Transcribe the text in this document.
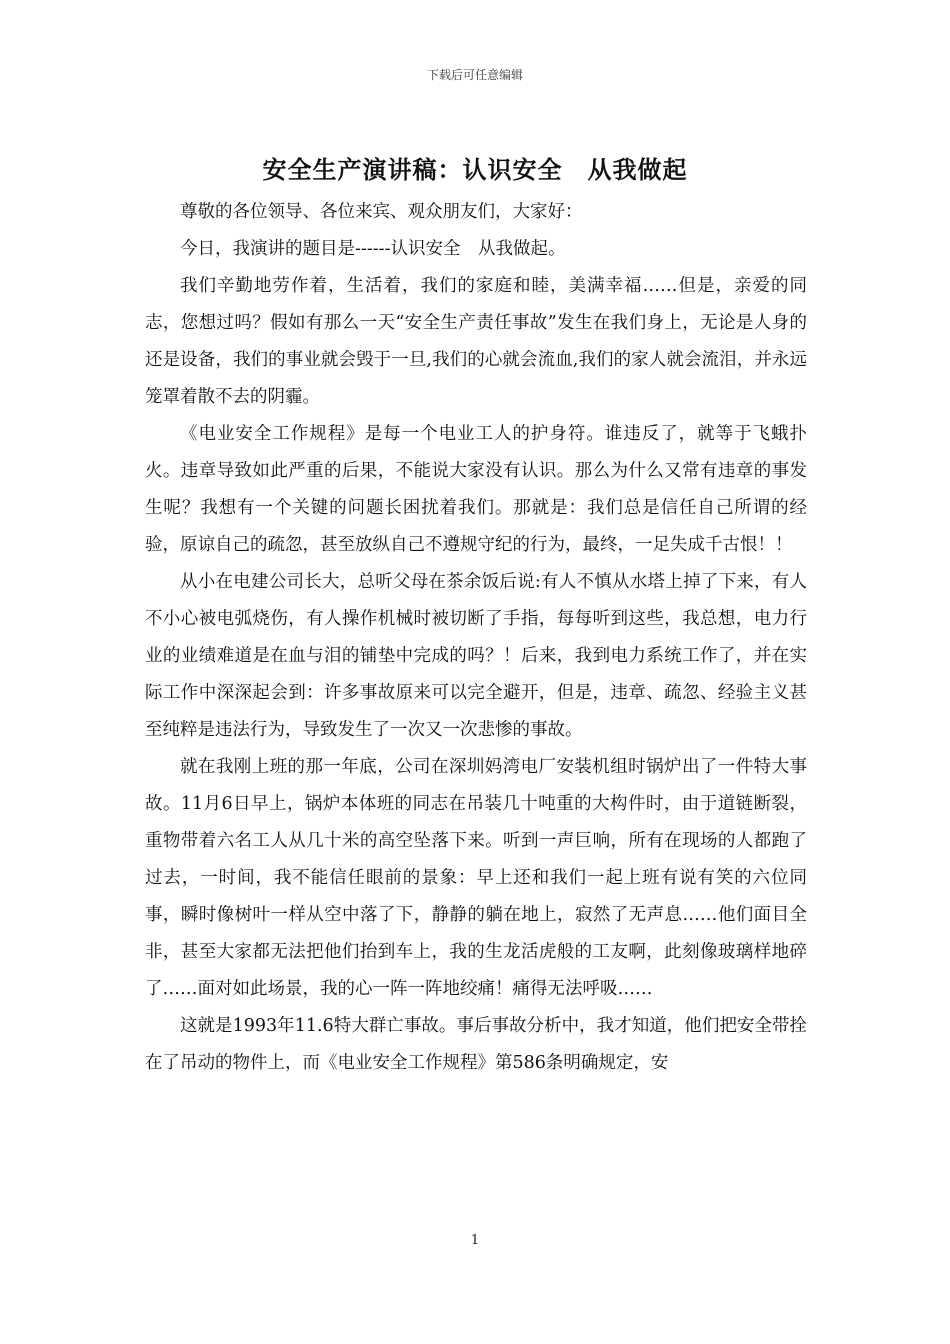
下载后可任意编辑
安全生产演讲稿：认识安全　从我做起

尊敬的各位领导、各位来宾、观众朋友们，大家好：

今日，我演讲的题目是------认识安全　从我做起。

我们辛勤地劳作着，生活着，我们的家庭和睦，美满幸福……但是，亲爱的同志，您想过吗？假如有那么一天“安全生产责任事故”发生在我们身上，无论是人身的还是设备，我们的事业就会毁于一旦,我们的心就会流血,我们的家人就会流泪，并永远笼罩着散不去的阴霾。

《电业安全工作规程》是每一个电业工人的护身符。谁违反了，就等于飞蛾扑火。违章导致如此严重的后果，不能说大家没有认识。那么为什么又常有违章的事发生呢？我想有一个关键的问题长困扰着我们。那就是：我们总是信任自己所谓的经验，原谅自己的疏忽，甚至放纵自己不遵规守纪的行为，最终，一足失成千古恨！！

从小在电建公司长大，总听父母在茶余饭后说:有人不慎从水塔上掉了下来，有人不小心被电弧烧伤，有人操作机械时被切断了手指，每每听到这些，我总想，电力行业的业绩难道是在血与泪的铺垫中完成的吗？！后来，我到电力系统工作了，并在实际工作中深深起会到：许多事故原来可以完全避开，但是，违章、疏忽、经验主义甚至纯粹是违法行为，导致发生了一次又一次悲惨的事故。

就在我刚上班的那一年底，公司在深圳妈湾电厂安装机组时锅炉出了一件特大事故。11月6日早上，锅炉本体班的同志在吊装几十吨重的大构件时，由于道链断裂，重物带着六名工人从几十米的高空坠落下来。听到一声巨响，所有在现场的人都跑了过去，一时间，我不能信任眼前的景象：早上还和我们一起上班有说有笑的六位同事，瞬时像树叶一样从空中落了下，静静的躺在地上，寂然了无声息……他们面目全非，甚至大家都无法把他们抬到车上，我的生龙活虎般的工友啊，此刻像玻璃样地碎了……面对如此场景，我的心一阵一阵地绞痛！痛得无法呼吸……

这就是1993年11.6特大群亡事故。事后事故分析中，我才知道，他们把安全带拴在了吊动的物件上，而《电业安全工作规程》第586条明确规定，安

1
